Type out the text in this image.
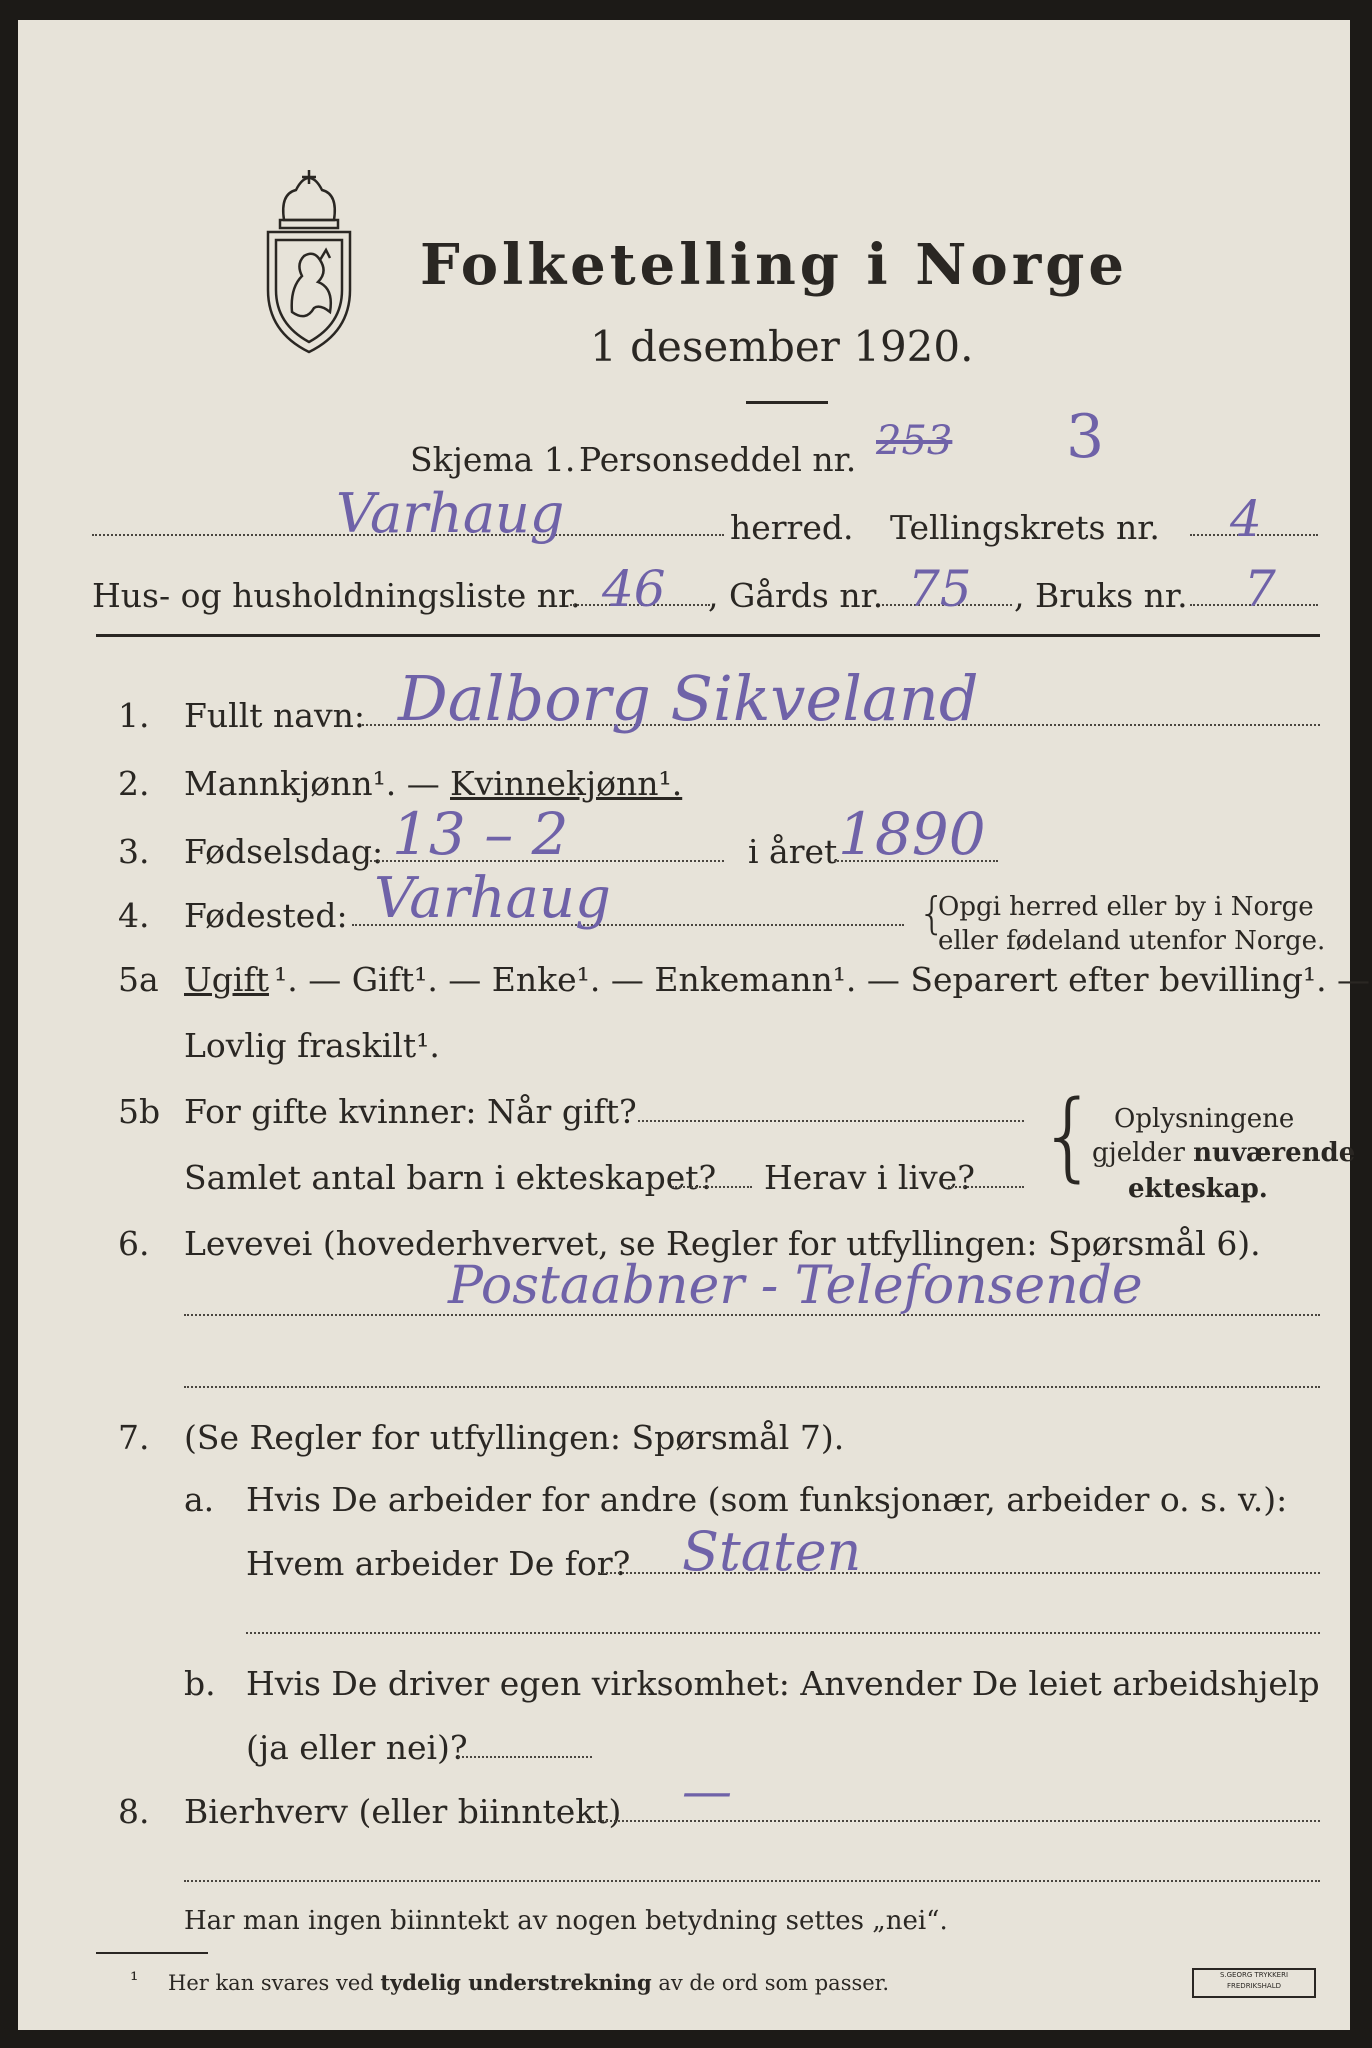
Folketelling i Norge
1 desember 1920.
Skjema 1. Personseddel nr. 253 3
Varhaug	herred. Tellingskrets nr. 4
Hus- og husholdningsliste nr. 46 , Gårds nr. 75 , Bruks nr. 7
1. Fullt navn: Dalborg Sikveland
2. Mannkjønn¹. — Kvinnekjønn¹.
3. Fødselsdag: 13 – 2	i året 1890
4. Fødested: Varhaug	{
Opgi herred eller by i Norge
eller fødeland utenfor Norge.
5a Ugift ¹. — Gift¹. — Enke¹. — Enkemann¹. — Separert efter bevilling¹. —
Lovlig fraskilt¹.
5b For gifte kvinner: Når gift?
Samlet antal barn i ekteskapet? Herav i live? { Oplysningene
gjelder nuværende
ekteskap.
6. Levevei (hovederhvervet, se Regler for utfyllingen: Spørsmål 6).
Postaabner - Telefonsende
7. (Se Regler for utfyllingen: Spørsmål 7).
a. Hvis De arbeider for andre (som funksjonær, arbeider o. s. v.):
Hvem arbeider De for? Staten
b. Hvis De driver egen virksomhet: Anvender De leiet arbeidshjelp
(ja eller nei)?
8. Bierhverv (eller biinntekt) —
Har man ingen biinntekt av nogen betydning settes „nei“.
¹ Her kan svares ved tydelig understrekning av de ord som passer.	S.GEORG TRYKKERI
FREDRIKSHALD
